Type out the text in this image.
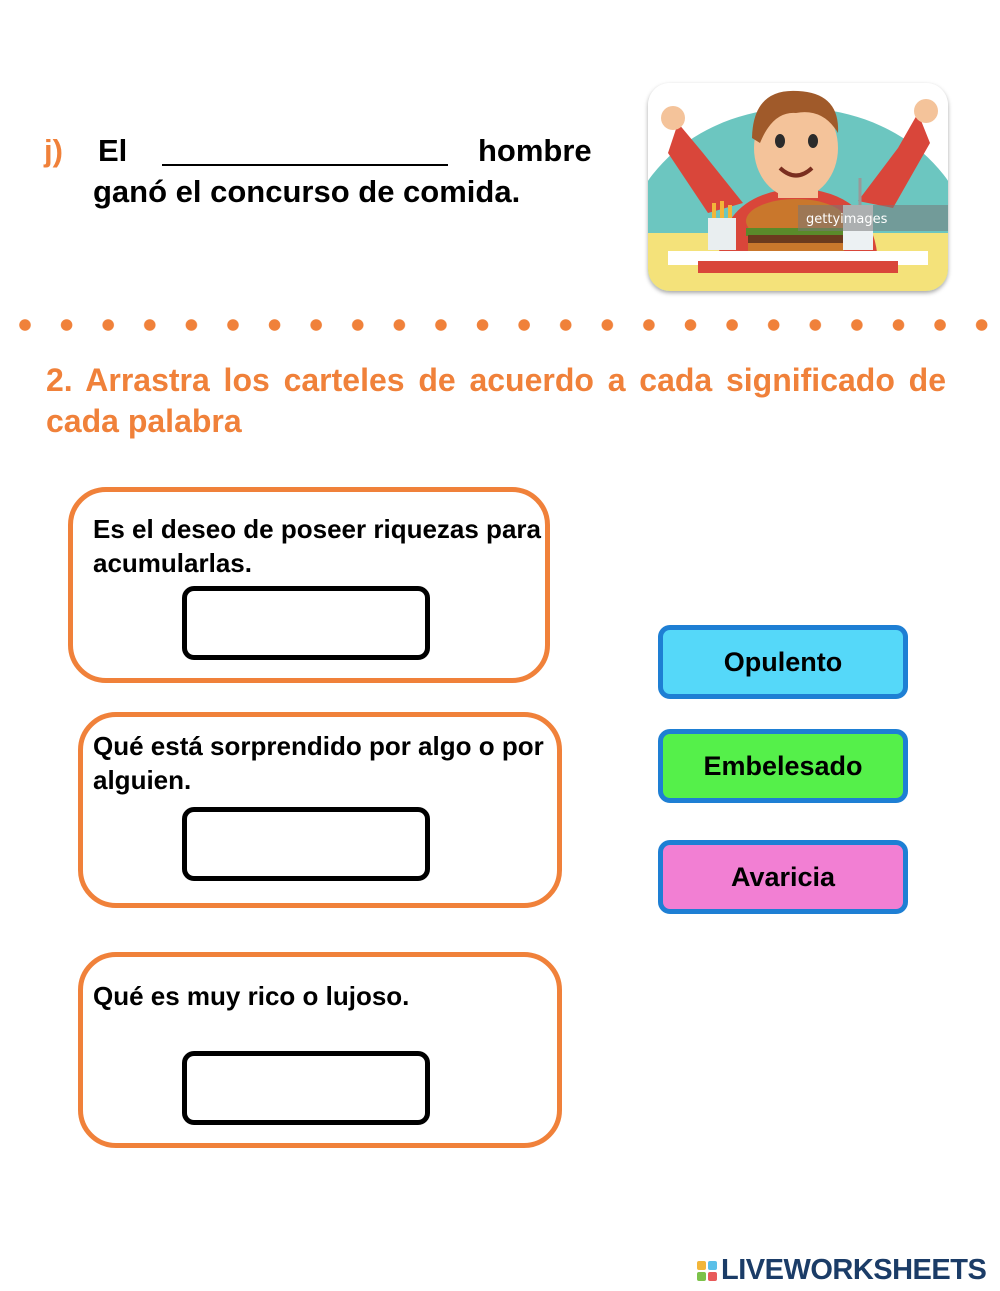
j) El	hombre
ganó el concurso de comida.
gettyimages
2. Arrastra los carteles de acuerdo a cada significado de cada palabra
Es el deseo de poseer riquezas para acumularlas.
Qué está sorprendido por algo o por alguien.
Qué es muy rico o lujoso.
Opulento
Embelesado
Avaricia
LIVEWORKSHEETS
